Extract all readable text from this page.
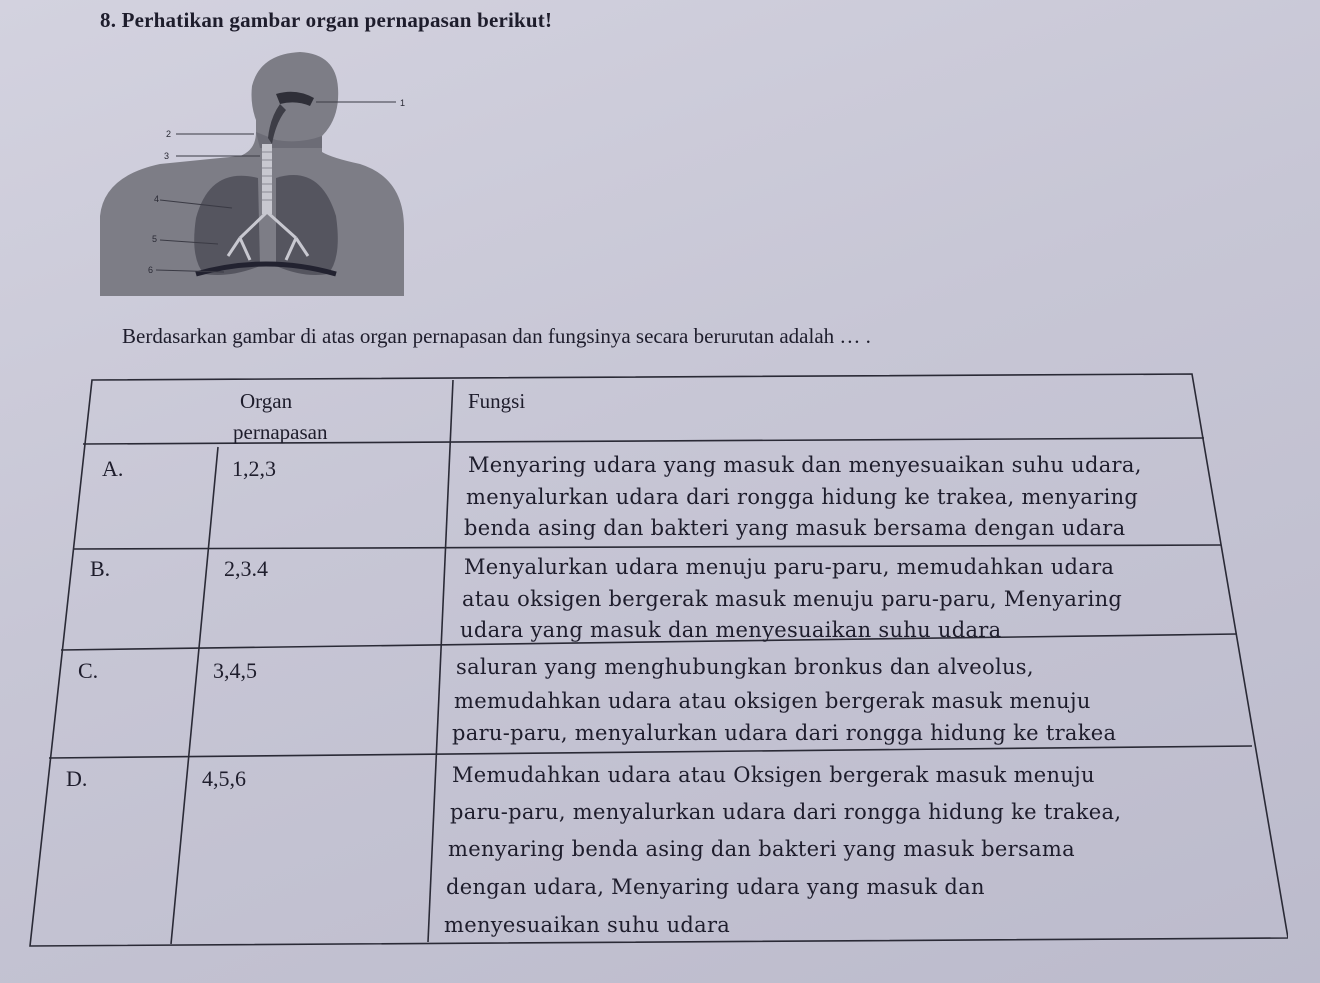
8. Perhatikan gambar organ pernapasan berikut!
1
2
3
4
5
6
Berdasarkan gambar di atas organ pernapasan dan fungsinya secara berurutan adalah … .
Organ
pernapasan
Fungsi
A.	1,2,3	Menyaring udara yang masuk dan menyesuaikan suhu udara,
menyalurkan udara dari rongga hidung ke trakea, menyaring
benda asing dan bakteri yang masuk bersama dengan udara
B.	2,3.4	Menyalurkan udara menuju paru-paru, memudahkan udara
atau oksigen bergerak masuk menuju paru-paru, Menyaring
udara yang masuk dan menyesuaikan suhu udara
C.	3,4,5	saluran yang menghubungkan bronkus dan alveolus,
memudahkan udara atau oksigen bergerak masuk menuju
paru-paru, menyalurkan udara dari rongga hidung ke trakea
D.	4,5,6	Memudahkan udara atau Oksigen bergerak masuk menuju
paru-paru, menyalurkan udara dari rongga hidung ke trakea,
menyaring benda asing dan bakteri yang masuk bersama
dengan udara, Menyaring udara yang masuk dan
menyesuaikan suhu udara
